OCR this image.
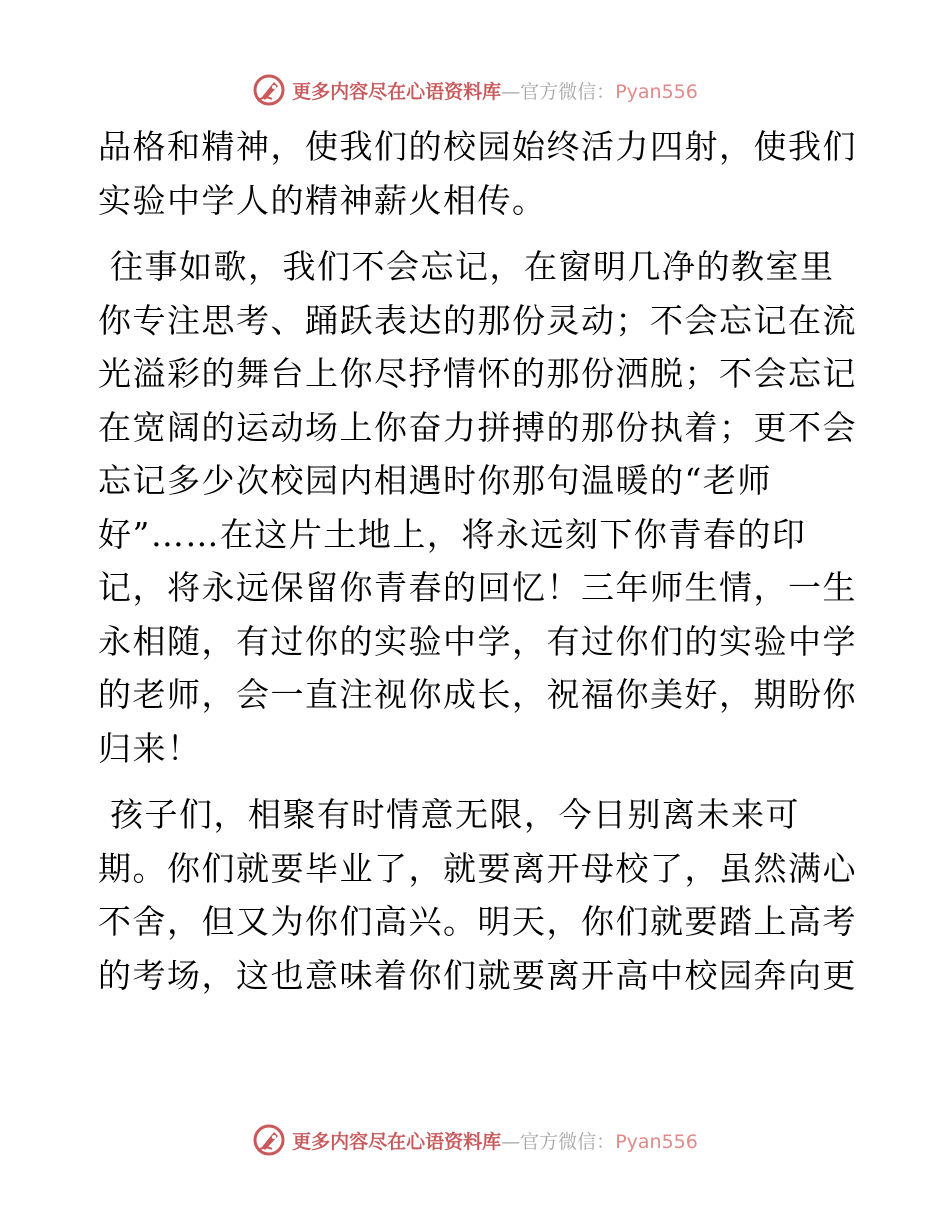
更多内容尽在心语资料库—官方微信：Pyan556

品格和精神，使我们的校园始终活力四射，使我们
实验中学人的精神薪火相传。

往事如歌，我们不会忘记，在窗明几净的教室里
你专注思考、踊跃表达的那份灵动；不会忘记在流
光溢彩的舞台上你尽抒情怀的那份洒脱；不会忘记
在宽阔的运动场上你奋力拼搏的那份执着；更不会
忘记多少次校园内相遇时你那句温暖的“老师
好”……在这片土地上，将永远刻下你青春的印
记，将永远保留你青春的回忆！三年师生情，一生
永相随，有过你的实验中学，有过你们的实验中学
的老师，会一直注视你成长，祝福你美好，期盼你
归来！

孩子们，相聚有时情意无限，今日别离未来可
期。你们就要毕业了，就要离开母校了，虽然满心
不舍，但又为你们高兴。明天，你们就要踏上高考
的考场，这也意味着你们就要离开高中校园奔向更

更多内容尽在心语资料库—官方微信：Pyan556
